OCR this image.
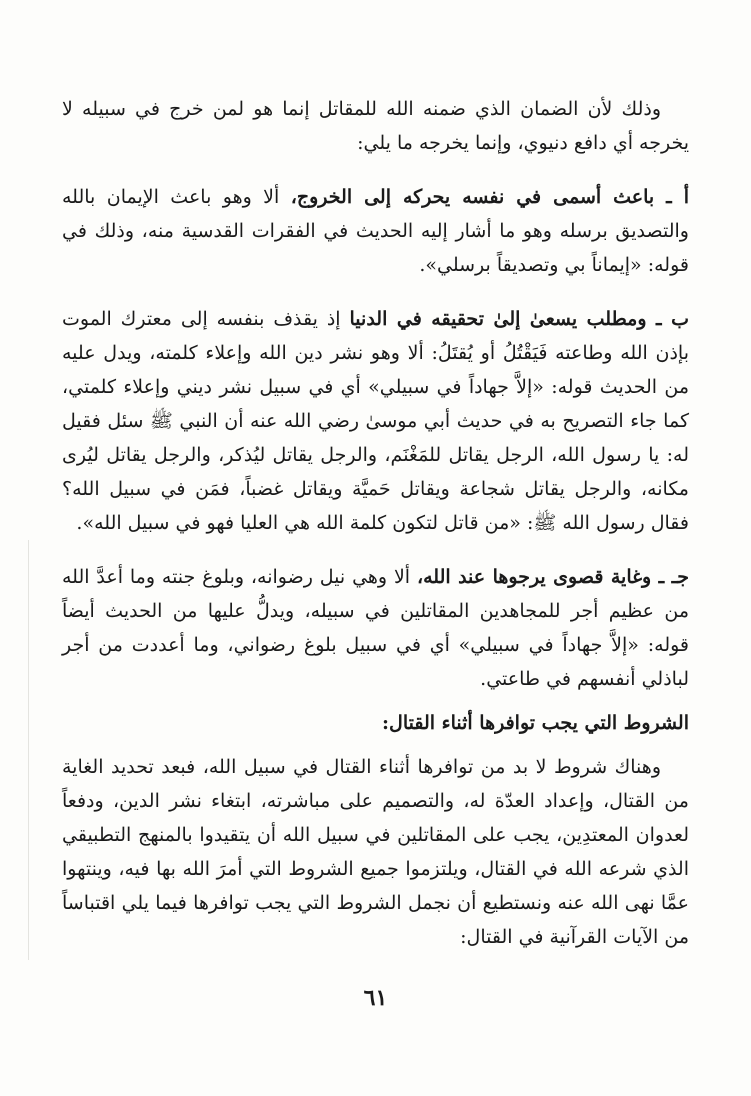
وذلك لأن الضمان الذي ضمنه الله للمقاتل إنما هو لمن خرج في سبيله لا يخرجه أي دافع دنيوي، وإنما يخرجه ما يلي:

أ ـ باعث أسمى في نفسه يحركه إلى الخروج، ألا وهو باعث الإيمان بالله والتصديق برسله وهو ما أشار إليه الحديث في الفقرات القدسية منه، وذلك في قوله: «إيماناً بي وتصديقاً برسلي».

ب ـ ومطلب يسعىٰ إلىٰ تحقيقه في الدنيا إذ يقذف بنفسه إلى معترك الموت بإذن الله وطاعته فَيَقْتُلُ أو يُقتَلُ: ألا وهو نشر دين الله وإعلاء كلمته، ويدل عليه من الحديث قوله: «إلاَّ جهاداً في سبيلي» أي في سبيل نشر ديني وإعلاء كلمتي، كما جاء التصريح به في حديث أبي موسىٰ رضي الله عنه أن النبي ﷺ سئل فقيل له: يا رسول الله، الرجل يقاتل للمَغْنَم، والرجل يقاتل ليُذكر، والرجل يقاتل ليُرى مكانه، والرجل يقاتل شجاعة ويقاتل حَميَّة ويقاتل غضباً، فمَن في سبيل الله؟ فقال رسول الله ﷺ: «من قاتل لتكون كلمة الله هي العليا فهو في سبيل الله».

جـ ـ وغاية قصوى يرجوها عند الله، ألا وهي نيل رضوانه، وبلوغ جنته وما أعدَّ الله من عظيم أجر للمجاهدين المقاتلين في سبيله، ويدلُّ عليها من الحديث أيضاً قوله: «إلاَّ جهاداً في سبيلي» أي في سبيل بلوغ رضواني، وما أعددت من أجر لباذلي أنفسهم في طاعتي.

الشروط التي يجب توافرها أثناء القتال:

وهناك شروط لا بد من توافرها أثناء القتال في سبيل الله، فبعد تحديد الغاية من القتال، وإعداد العدّة له، والتصميم على مباشرته، ابتغاء نشر الدين، ودفعاً لعدوان المعتدِين، يجب على المقاتلين في سبيل الله أن يتقيدوا بالمنهج التطبيقي الذي شرعه الله في القتال، ويلتزموا جميع الشروط التي أمرَ الله بها فيه، وينتهوا عمَّا نهى الله عنه ونستطيع أن نجمل الشروط التي يجب توافرها فيما يلي اقتباساً من الآيات القرآنية في القتال:

٦١
